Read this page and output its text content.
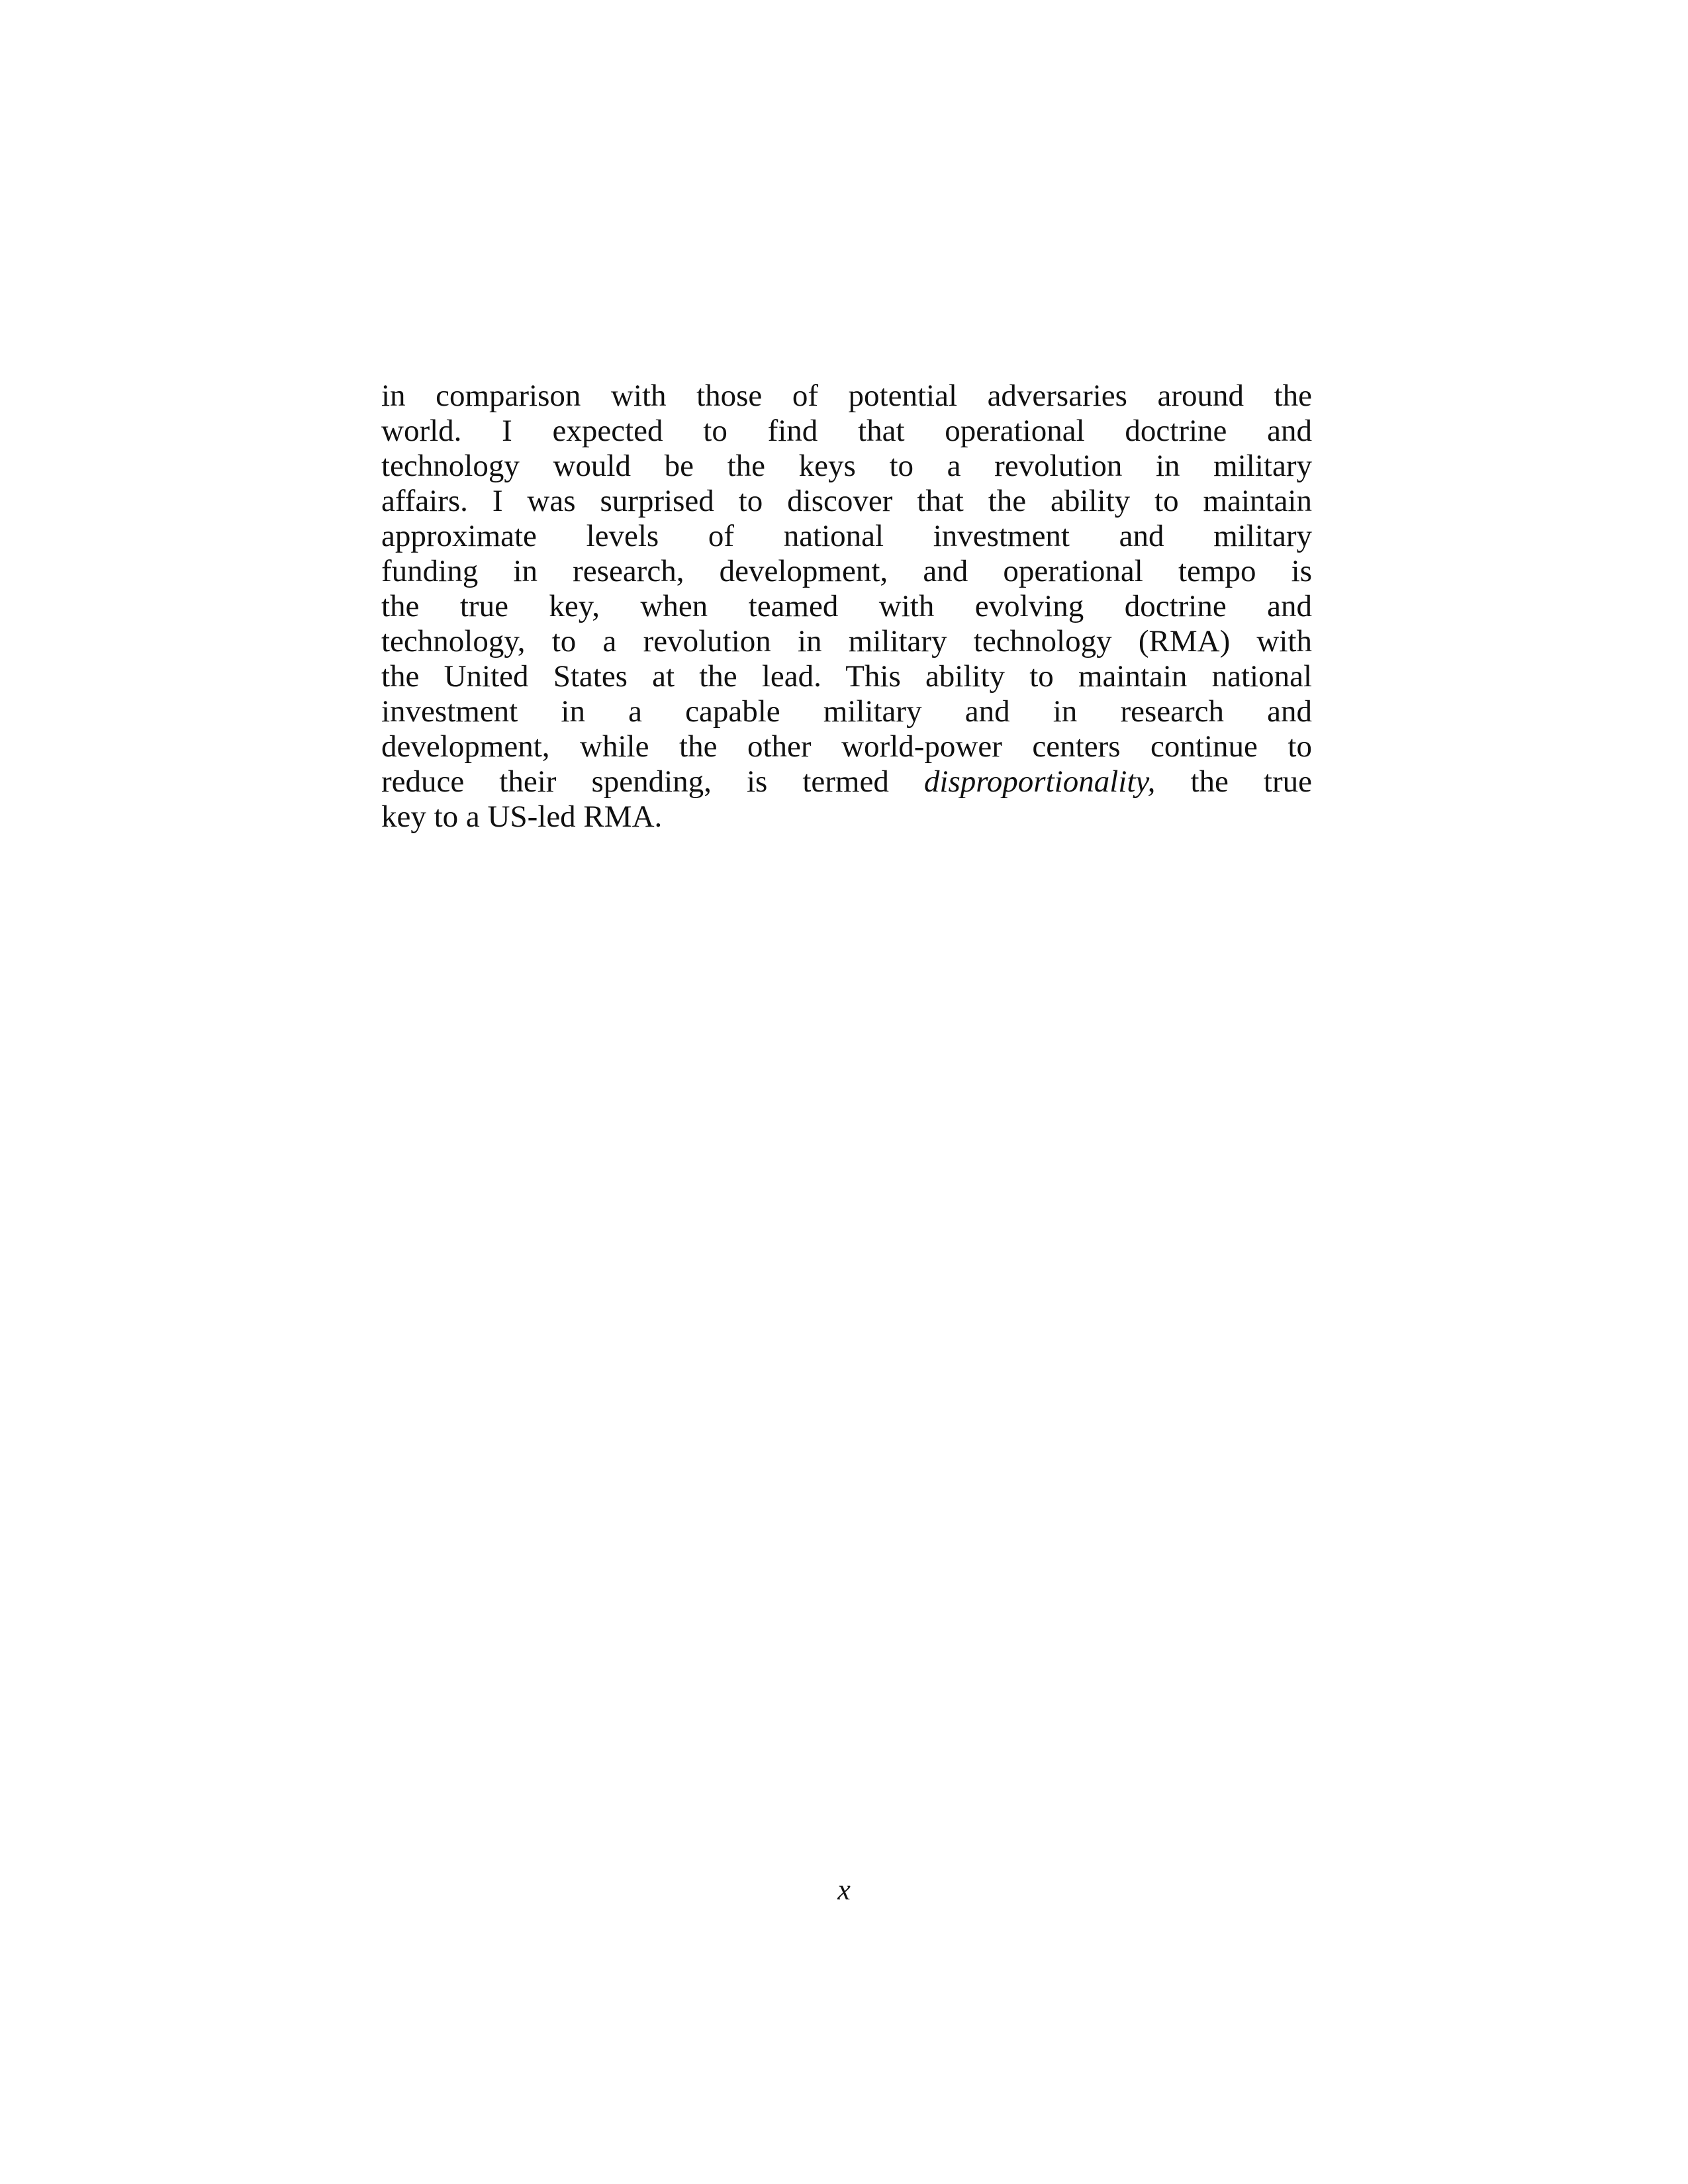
in comparison with those of potential adversaries around the
world. I expected to find that operational doctrine and
technology would be the keys to a revolution in military
affairs. I was surprised to discover that the ability to maintain
approximate levels of national investment and military
funding in research, development, and operational tempo is
the true key, when teamed with evolving doctrine and
technology, to a revolution in military technology (RMA) with
the United States at the lead. This ability to maintain national
investment in a capable military and in research and
development, while the other world-power centers continue to
reduce their spending, is termed disproportionality, the true
key to a US-led RMA.
x
